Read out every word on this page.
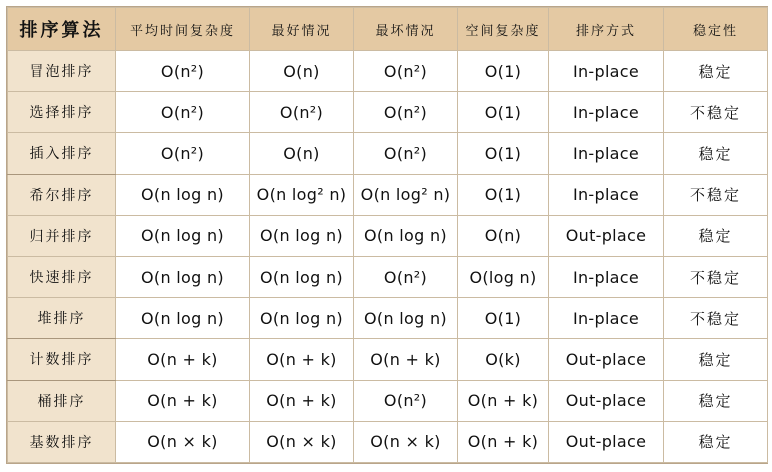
排序算法	平均时间复杂度	最好情况	最坏情况	空间复杂度	排序方式	稳定性
冒泡排序	O(n²)	O(n)	O(n²)	O(1)	In-place	稳定
选择排序	O(n²)	O(n²)	O(n²)	O(1)	In-place	不稳定
插入排序	O(n²)	O(n)	O(n²)	O(1)	In-place	稳定
希尔排序	O(n log n)	O(n log² n)	O(n log² n)	O(1)	In-place	不稳定
归并排序	O(n log n)	O(n log n)	O(n log n)	O(n)	Out-place	稳定
快速排序	O(n log n)	O(n log n)	O(n²)	O(log n)	In-place	不稳定
堆排序	O(n log n)	O(n log n)	O(n log n)	O(1)	In-place	不稳定
计数排序	O(n + k)	O(n + k)	O(n + k)	O(k)	Out-place	稳定
桶排序	O(n + k)	O(n + k)	O(n²)	O(n + k)	Out-place	稳定
基数排序	O(n × k)	O(n × k)	O(n × k)	O(n + k)	Out-place	稳定
